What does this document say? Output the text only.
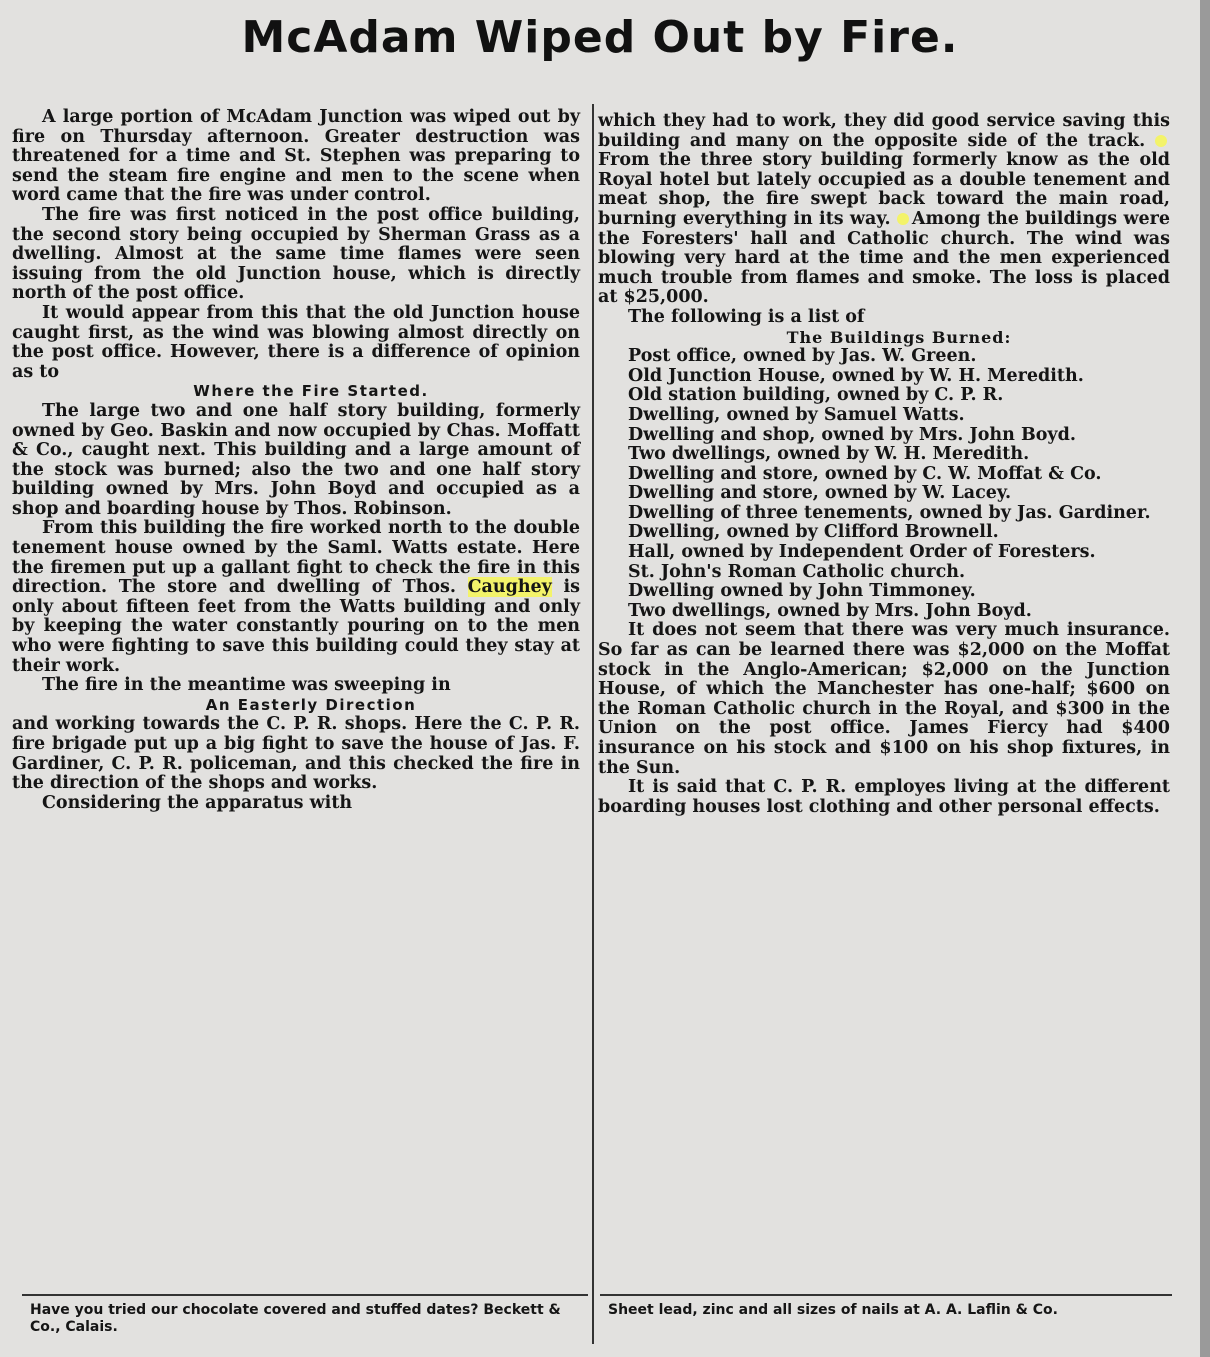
McAdam Wiped Out by Fire.

A large portion of McAdam Junction was wiped out by fire on Thursday afternoon. Greater destruction was threatened for a time and St. Stephen was preparing to send the steam fire engine and men to the scene when word came that the fire was under control.

The fire was first noticed in the post office building, the second story being occupied by Sherman Grass as a dwelling. Almost at the same time flames were seen issuing from the old Junction house, which is directly north of the post office.

It would appear from this that the old Junction house caught first, as the wind was blowing almost directly on the post office. However, there is a difference of opinion as to

Where the Fire Started.

The large two and one half story building, formerly owned by Geo. Baskin and now occupied by Chas. Moffatt & Co., caught next. This building and a large amount of the stock was burned; also the two and one half story building owned by Mrs. John Boyd and occupied as a shop and boarding house by Thos. Robinson.

From this building the fire worked north to the double tenement house owned by the Saml. Watts estate. Here the firemen put up a gallant fight to check the fire in this direction. The store and dwelling of Thos. Caughey is only about fifteen feet from the Watts building and only by keeping the water constantly pouring on to the men who were fighting to save this building could they stay at their work.

The fire in the meantime was sweeping in

An Easterly Direction

and working towards the C. P. R. shops. Here the C. P. R. fire brigade put up a big fight to save the house of Jas. F. Gardiner, C. P. R. policeman, and this checked the fire in the direction of the shops and works.

Considering the apparatus with

which they had to work, they did good service saving this building and many on the opposite side of the track. From the three story building formerly know as the old Royal hotel but lately occupied as a double tenement and meat shop, the fire swept back toward the main road, burning everything in its way. Among the buildings were the Foresters' hall and Catholic church. The wind was blowing very hard at the time and the men experienced much trouble from flames and smoke. The loss is placed at $25,000.

The following is a list of

The Buildings Burned:

Post office, owned by Jas. W. Green.

Old Junction House, owned by W. H. Meredith.

Old station building, owned by C. P. R.

Dwelling, owned by Samuel Watts.

Dwelling and shop, owned by Mrs. John Boyd.

Two dwellings, owned by W. H. Meredith.

Dwelling and store, owned by C. W. Moffat & Co.

Dwelling and store, owned by W. Lacey.

Dwelling of three tenements, owned by Jas. Gardiner.

Dwelling, owned by Clifford Brownell.

Hall, owned by Independent Order of Foresters.

St. John's Roman Catholic church.

Dwelling owned by John Timmoney.

Two dwellings, owned by Mrs. John Boyd.

It does not seem that there was very much insurance. So far as can be learned there was $2,000 on the Moffat stock in the Anglo-American; $2,000 on the Junction House, of which the Manchester has one-half; $600 on the Roman Catholic church in the Royal, and $300 in the Union on the post office. James Fiercy had $400 insurance on his stock and $100 on his shop fixtures, in the Sun.

It is said that C. P. R. employes living at the different boarding houses lost clothing and other personal effects.

Have you tried our chocolate covered and stuffed dates? Beckett & Co., Calais.
Sheet lead, zinc and all sizes of nails at A. A. Laflin & Co.
